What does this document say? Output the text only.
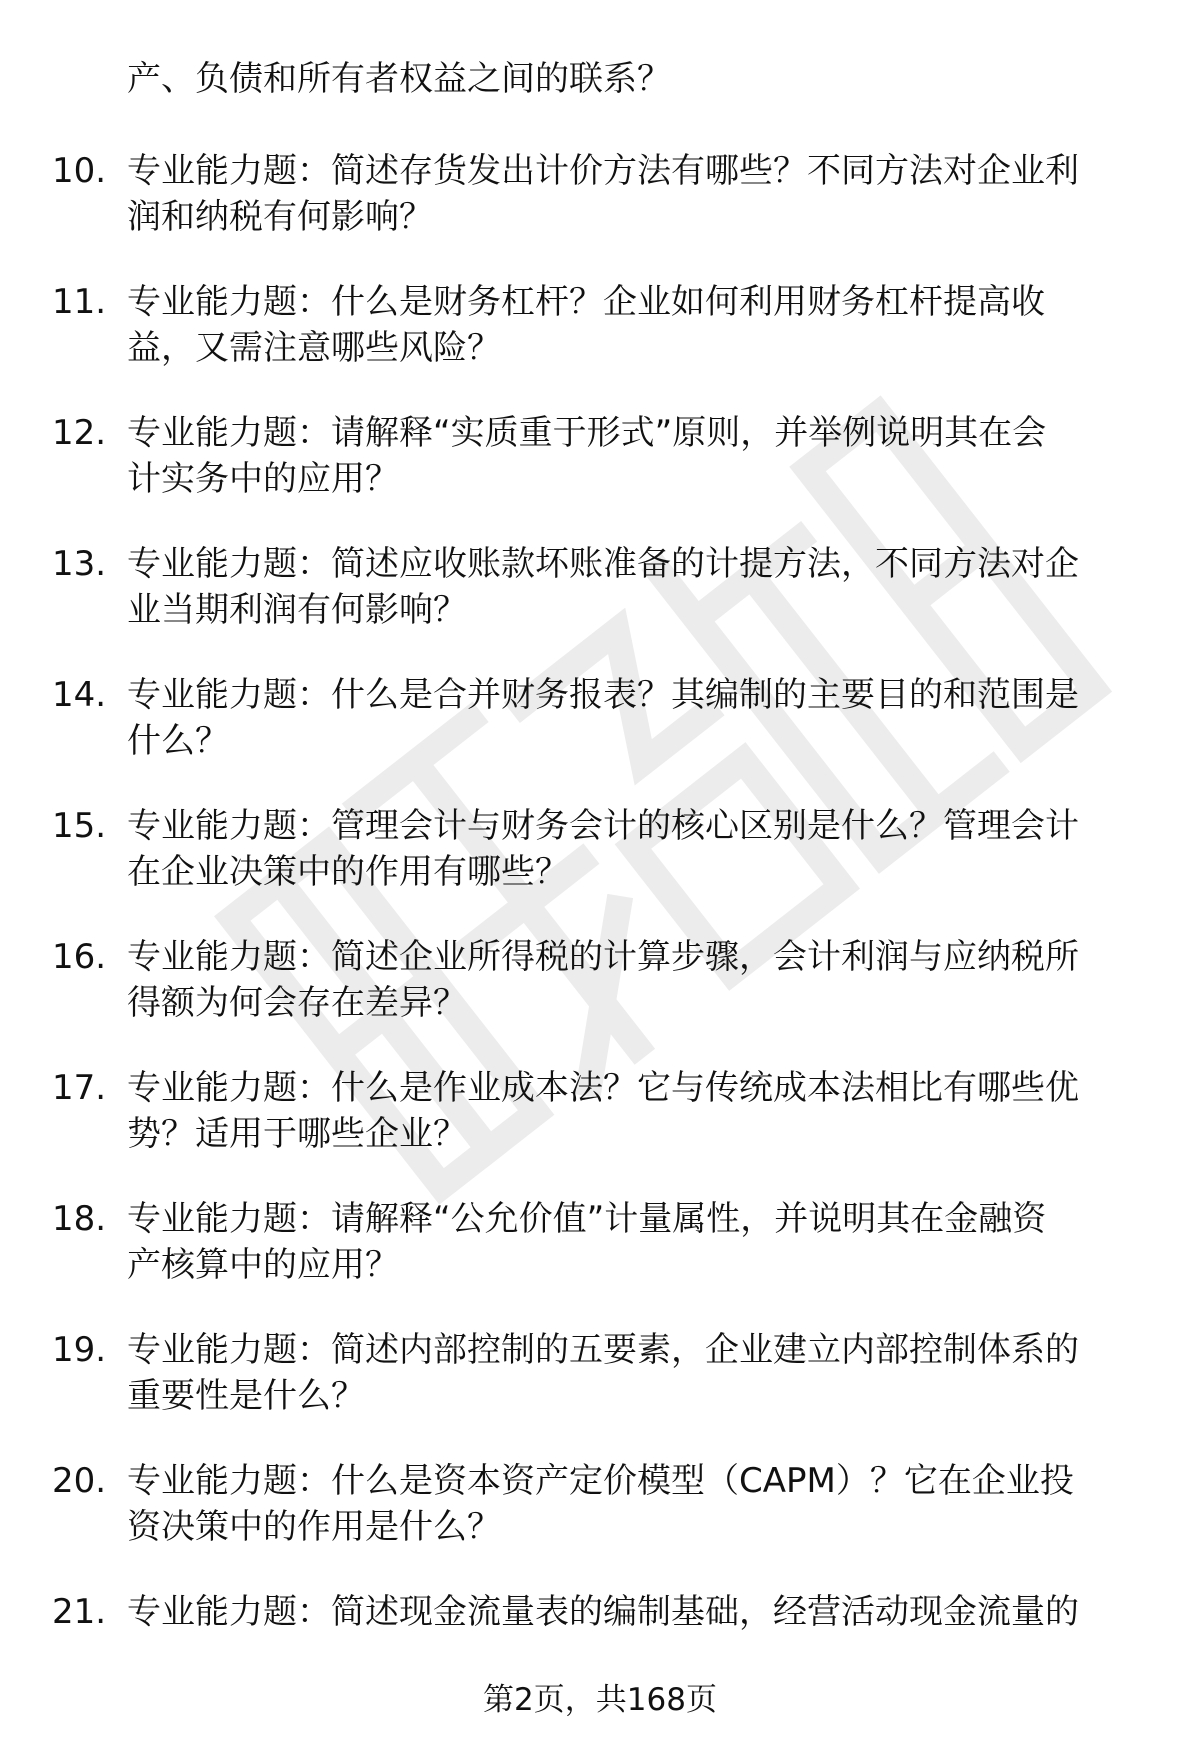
产、负债和所有者权益之间的联系？
10. 专业能力题：简述存货发出计价方法有哪些？不同方法对企业利
润和纳税有何影响？
11. 专业能力题：什么是财务杠杆？企业如何利用财务杠杆提高收
益，又需注意哪些风险？
12. 专业能力题：请解释“实质重于形式”原则，并举例说明其在会
计实务中的应用？
13. 专业能力题：简述应收账款坏账准备的计提方法，不同方法对企
业当期利润有何影响？
14. 专业能力题：什么是合并财务报表？其编制的主要目的和范围是
什么？
15. 专业能力题：管理会计与财务会计的核心区别是什么？管理会计
在企业决策中的作用有哪些？
16. 专业能力题：简述企业所得税的计算步骤，会计利润与应纳税所
得额为何会存在差异？
17. 专业能力题：什么是作业成本法？它与传统成本法相比有哪些优
势？适用于哪些企业？
18. 专业能力题：请解释“公允价值”计量属性，并说明其在金融资
产核算中的应用？
19. 专业能力题：简述内部控制的五要素，企业建立内部控制体系的
重要性是什么？
20. 专业能力题：什么是资本资产定价模型（CAPM）？它在企业投
资决策中的作用是什么？
21. 专业能力题：简述现金流量表的编制基础，经营活动现金流量的
第2页，共168页
